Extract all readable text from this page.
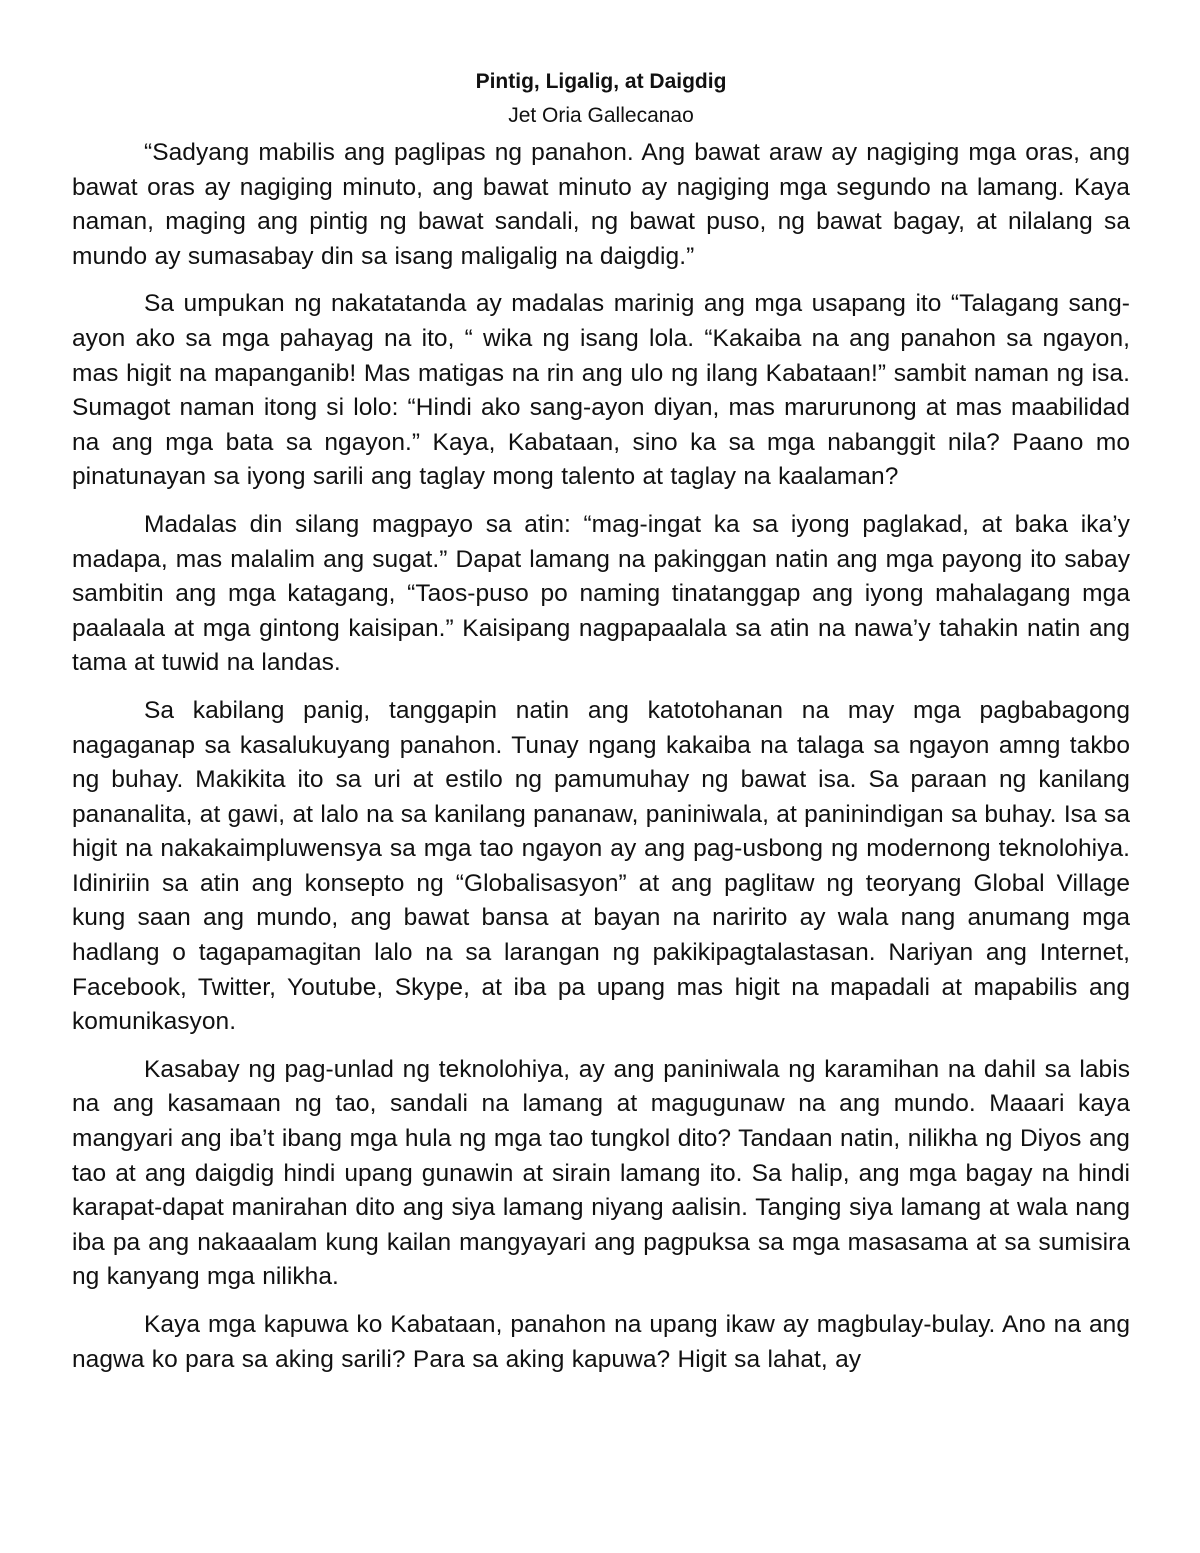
Pintig, Ligalig, at Daigdig
Jet Oria Gallecanao

“Sadyang mabilis ang paglipas ng panahon. Ang bawat araw ay nagiging mga oras, ang bawat oras ay nagiging minuto, ang bawat minuto ay nagiging mga segundo na lamang. Kaya naman, maging ang pintig ng bawat sandali, ng bawat puso, ng bawat bagay, at nilalang sa mundo ay sumasabay din sa isang maligalig na daigdig.”

Sa umpukan ng nakatatanda ay madalas marinig ang mga usapang ito “Talagang sang-ayon ako sa mga pahayag na ito, “ wika ng isang lola. “Kakaiba na ang panahon sa ngayon, mas higit na mapanganib! Mas matigas na rin ang ulo ng ilang Kabataan!” sambit naman ng isa. Sumagot naman itong si lolo: “Hindi ako sang-ayon diyan, mas marurunong at mas maabilidad na ang mga bata sa ngayon.” Kaya, Kabataan, sino ka sa mga nabanggit nila? Paano mo pinatunayan sa iyong sarili ang taglay mong talento at taglay na kaalaman?

Madalas din silang magpayo sa atin: “mag-ingat ka sa iyong paglakad, at baka ika’y madapa, mas malalim ang sugat.” Dapat lamang na pakinggan natin ang mga payong ito sabay sambitin ang mga katagang, “Taos-puso po naming tinatanggap ang iyong mahalagang mga paalaala at mga gintong kaisipan.” Kaisipang nagpapaalala sa atin na nawa’y tahakin natin ang tama at tuwid na landas.

Sa kabilang panig, tanggapin natin ang katotohanan na may mga pagbabagong nagaganap sa kasalukuyang panahon. Tunay ngang kakaiba na talaga sa ngayon amng takbo ng buhay. Makikita ito sa uri at estilo ng pamumuhay ng bawat isa. Sa paraan ng kanilang pananalita, at gawi, at lalo na sa kanilang pananaw, paniniwala, at paninindigan sa buhay. Isa sa higit na nakakaimpluwensya sa mga tao ngayon ay ang pag-usbong ng modernong teknolohiya. Idiniriin sa atin ang konsepto ng “Globalisasyon” at ang paglitaw ng teoryang Global Village kung saan ang mundo, ang bawat bansa at bayan na naririto ay wala nang anumang mga hadlang o tagapamagitan lalo na sa larangan ng pakikipagtalastasan. Nariyan ang Internet, Facebook, Twitter, Youtube, Skype, at iba pa upang mas higit na mapadali at mapabilis ang komunikasyon.

Kasabay ng pag-unlad ng teknolohiya, ay ang paniniwala ng karamihan na dahil sa labis na ang kasamaan ng tao, sandali na lamang at magugunaw na ang mundo. Maaari kaya mangyari ang iba’t ibang mga hula ng mga tao tungkol dito? Tandaan natin, nilikha ng Diyos ang tao at ang daigdig hindi upang gunawin at sirain lamang ito. Sa halip, ang mga bagay na hindi karapat-dapat manirahan dito ang siya lamang niyang aalisin. Tanging siya lamang at wala nang iba pa ang nakaaalam kung kailan mangyayari ang pagpuksa sa mga masasama at sa sumisira ng kanyang mga nilikha.

Kaya mga kapuwa ko Kabataan, panahon na upang ikaw ay magbulay-bulay. Ano na ang nagwa ko para sa aking sarili? Para sa aking kapuwa? Higit sa lahat, ay
